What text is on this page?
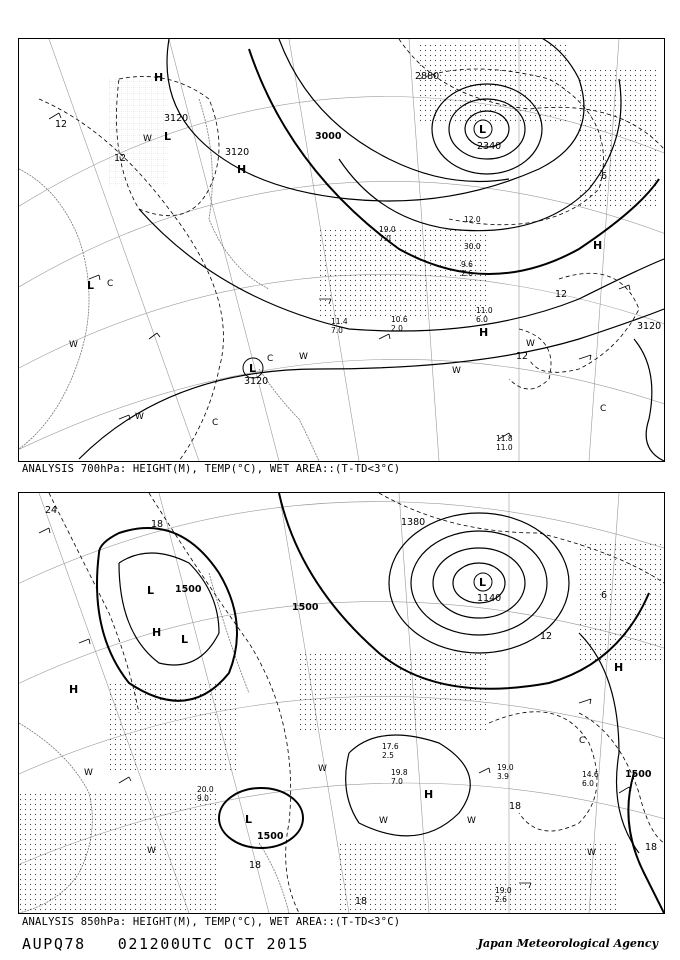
11.0
6.0
11.4
7.0
10.6
2.0
11.8
11.0
19.0
7.0
12.0
30.0
9.6
2.6
3120
3000
2880
2340
3120
3120
3120
12
12
6
12
12
H
L
L
H
H
L
H
L
W
C
W
W
C
W
W
W
C
C
ANALYSIS 700hPa: HEIGHT(M), TEMP(°C), WET AREA::(T-TD<3°C)
19.8
7.0
19.0
3.9
20.0
9.0
19.0
2.6
14.6
6.0
17.6
2.5
1500
1500
1380
1140
1500
1500
24
18
6
12
18
18
18
18
L
H
L
H
L
H
H
L
W
W
W
W
C
W
W
ANALYSIS 850hPa: HEIGHT(M), TEMP(°C), WET AREA::(T-TD<3°C)
AUPQ78 021200UTC OCT 2015	Japan Meteorological Agency
